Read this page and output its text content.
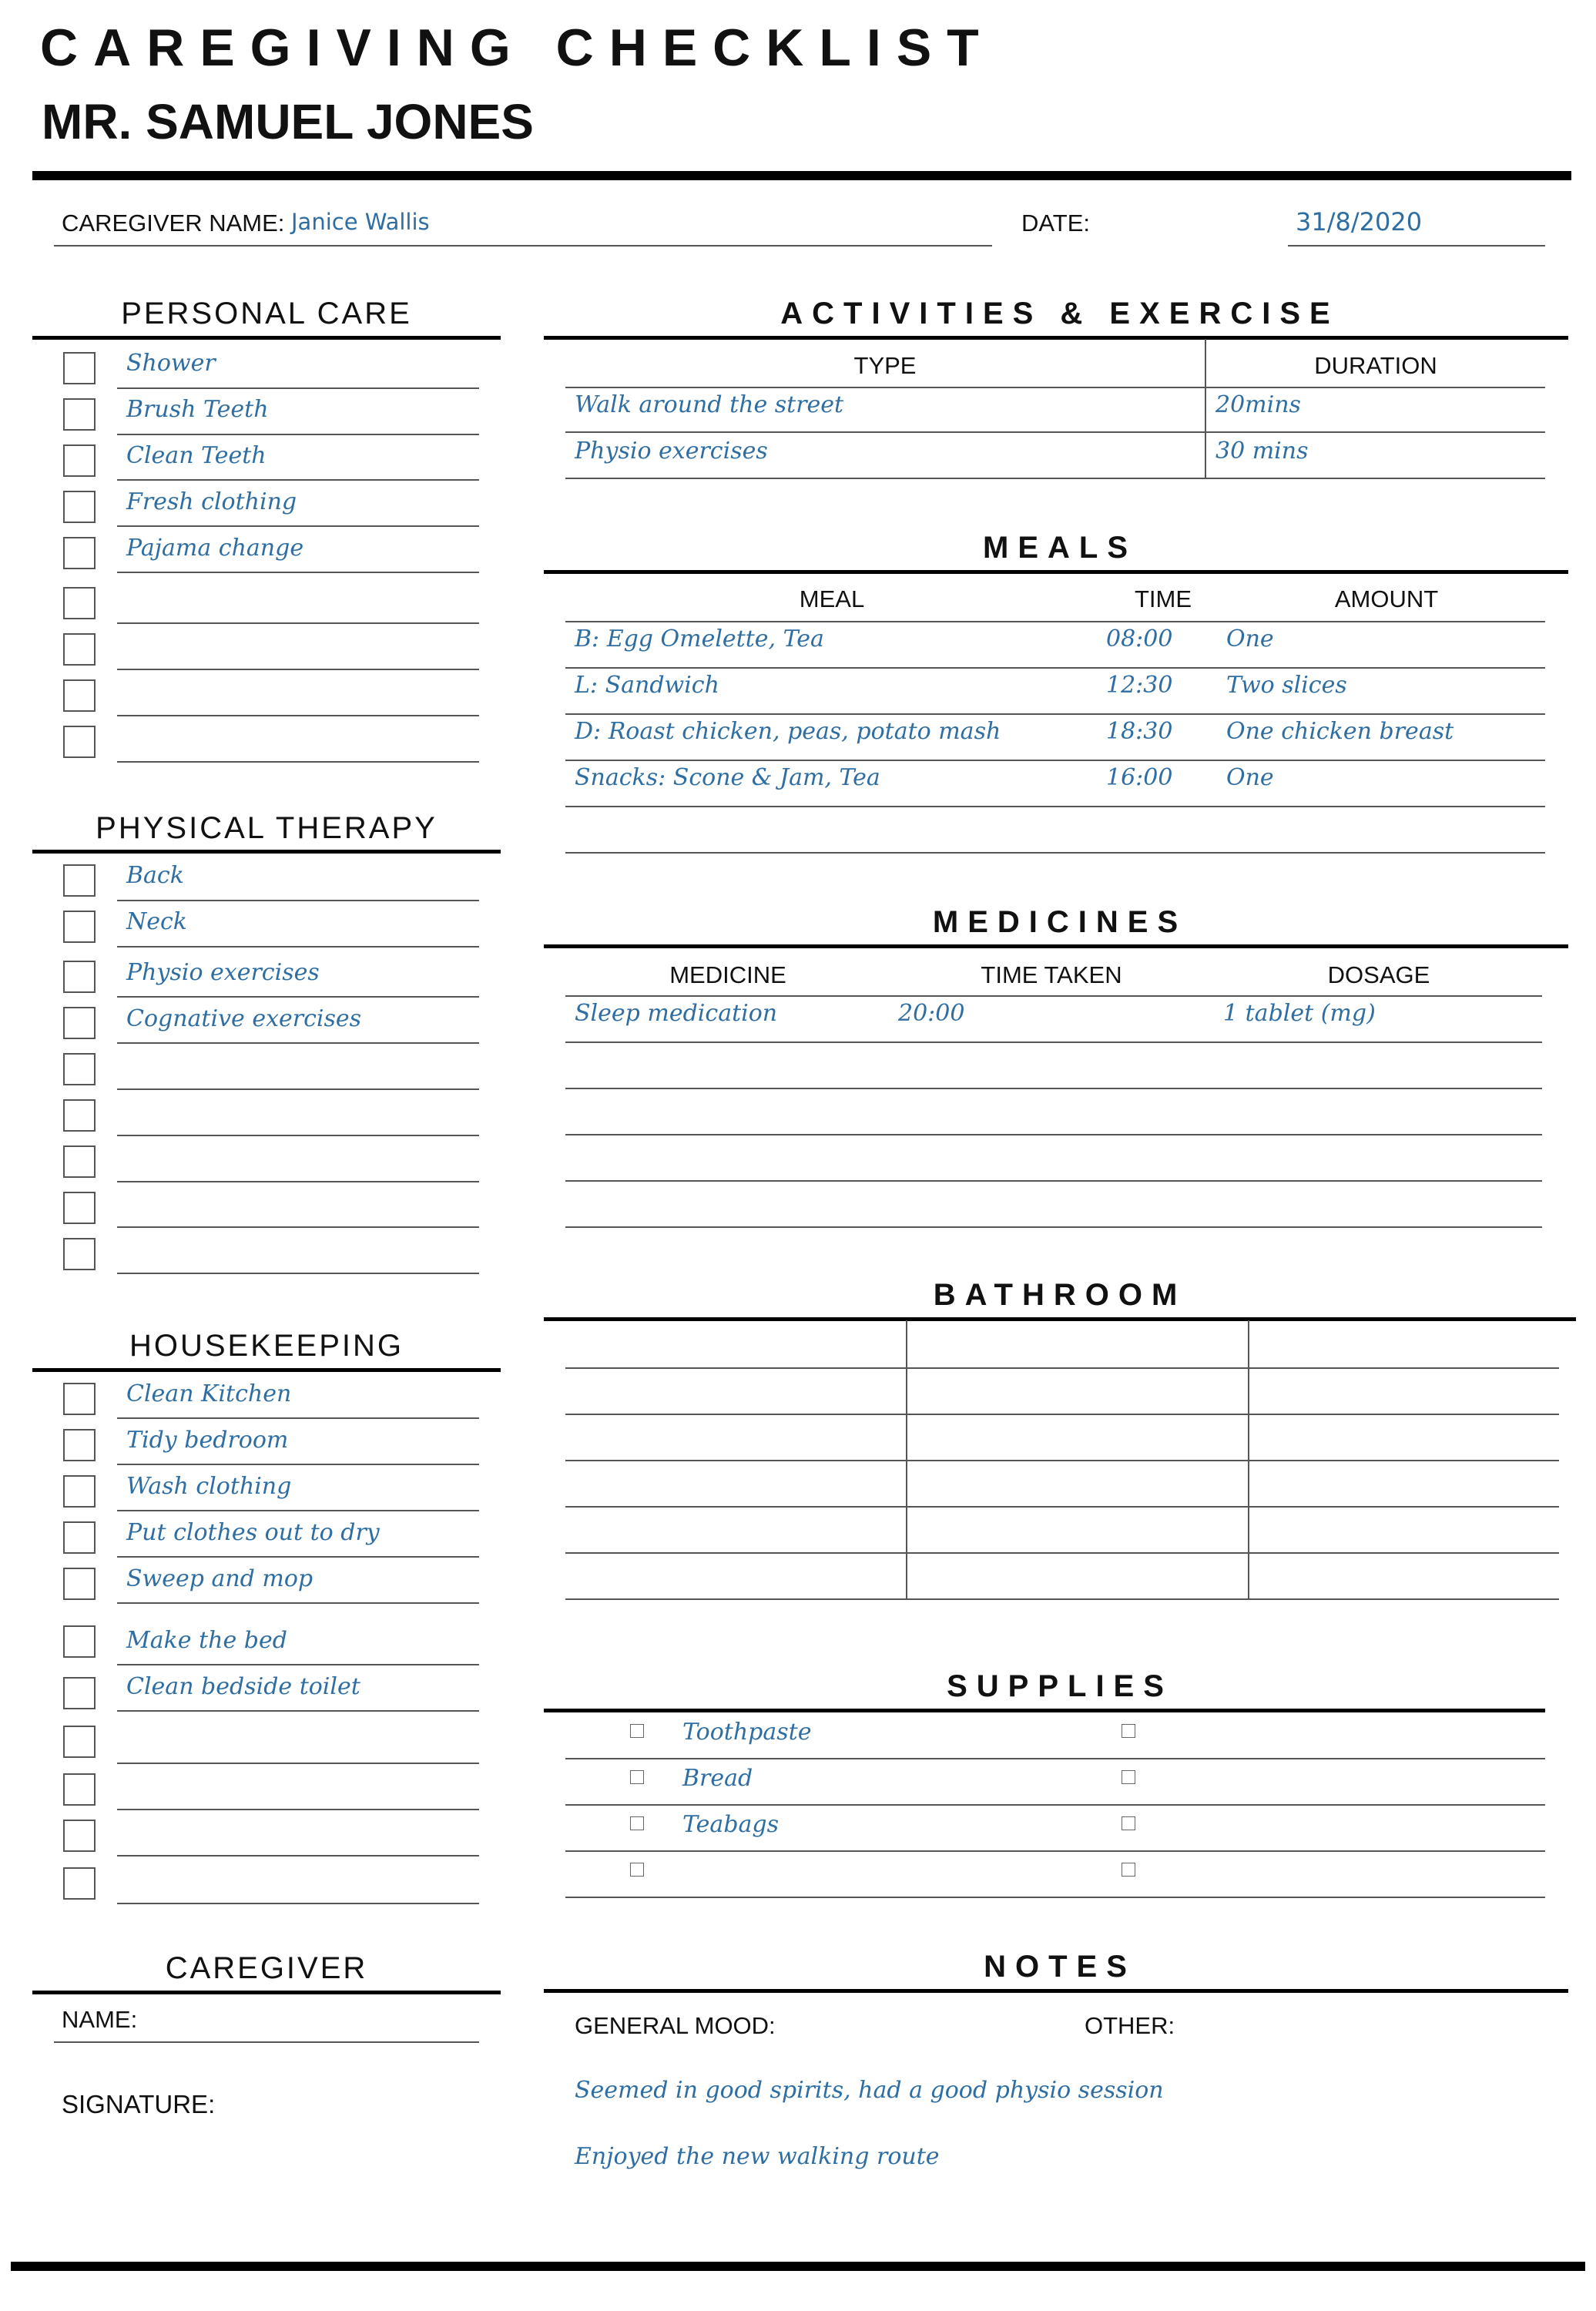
CAREGIVING CHECKLIST
MR. SAMUEL JONES
CAREGIVER NAME: Janice Wallis	DATE:	31/8/2020
PERSONAL CARE
Shower
Brush Teeth
Clean Teeth
Fresh clothing
Pajama change
PHYSICAL THERAPY
Back
Neck
Physio exercises
Cognative exercises
HOUSEKEEPING
Clean Kitchen
Tidy bedroom
Wash clothing
Put clothes out to dry
Sweep and mop
Make the bed
Clean bedside toilet
CAREGIVER
NAME:
SIGNATURE:
ACTIVITIES & EXERCISE
TYPE	DURATION
Walk around the street	20mins
Physio exercises	30 mins
MEALS
MEAL	TIME	AMOUNT
B: Egg Omelette, Tea	08:00 One
L: Sandwich	12:30 Two slices
D: Roast chicken, peas, potato mash	18:30 One chicken breast
Snacks: Scone & Jam, Tea	16:00 One
MEDICINES
MEDICINE	TIME TAKEN	DOSAGE
Sleep medication	20:00	1 tablet (mg)
BATHROOM
SUPPLIES
Toothpaste
Bread
Teabags
NOTES
GENERAL MOOD:	OTHER:
Seemed in good spirits, had a good physio session
Enjoyed the new walking route
